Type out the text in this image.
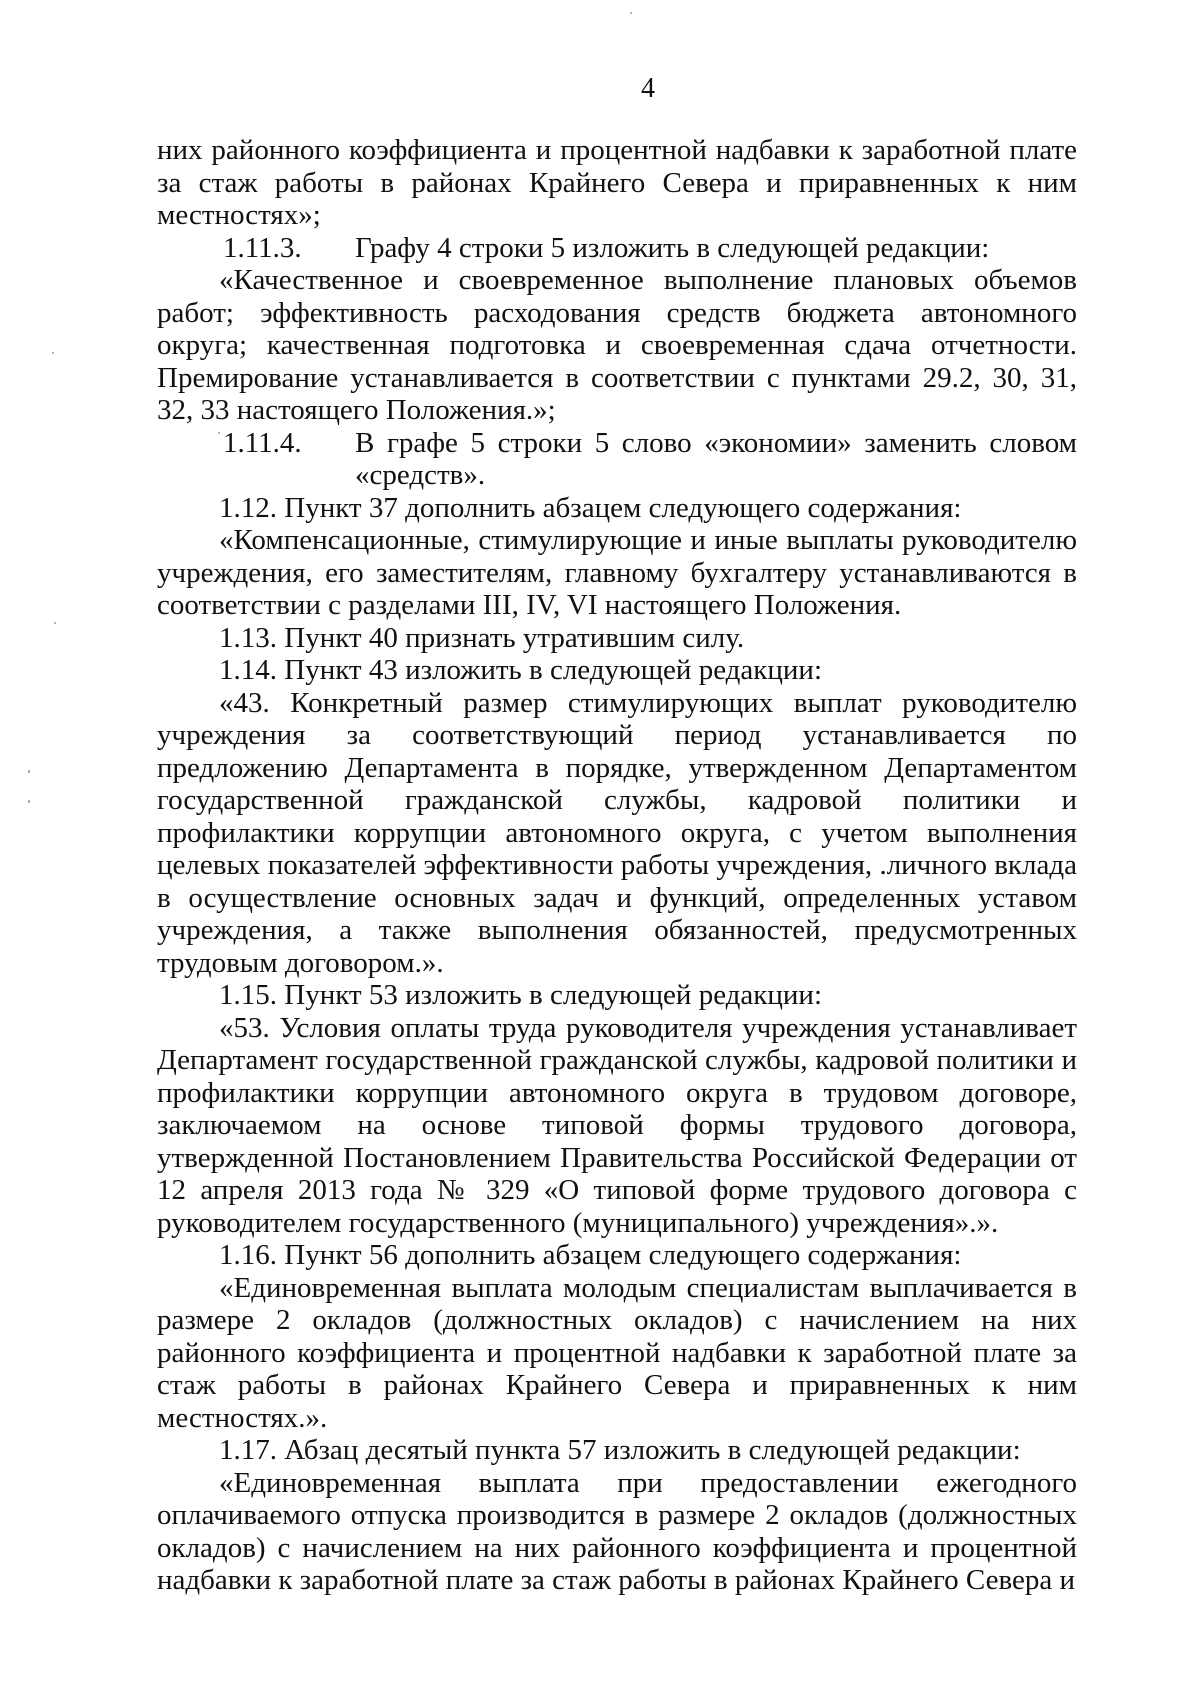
4

них районного коэффициента и процентной надбавки к заработной плате за стаж работы в районах Крайнего Севера и приравненных к ним местностях»;

1.11.3.	Графу 4 строки 5 изложить в следующей редакции:

«Качественное и своевременное выполнение плановых объемов работ; эффективность расходования средств бюджета автономного округа; качественная подготовка и своевременная сдача отчетности. Премирование устанавливается в соответствии с пунктами 29.2, 30, 31, 32, 33 настоящего Положения.»;

1.11.4.	В графе 5 строки 5 слово «экономии» заменить словом «средств».

1.12. Пункт 37 дополнить абзацем следующего содержания:

«Компенсационные, стимулирующие и иные выплаты руководителю учреждения, его заместителям, главному бухгалтеру устанавливаются в соответствии с разделами III, IV, VI настоящего Положения.

1.13. Пункт 40 признать утратившим силу.

1.14. Пункт 43 изложить в следующей редакции:

«43. Конкретный размер стимулирующих выплат руководителю учреждения за соответствующий период устанавливается по предложению Департамента в порядке, утвержденном Департаментом государственной гражданской службы, кадровой политики и профилактики коррупции автономного округа, с учетом выполнения целевых показателей эффективности работы учреждения, .личного вклада в осуществление основных задач и функций, определенных уставом учреждения, а также выполнения обязанностей, предусмотренных трудовым договором.».

1.15. Пункт 53 изложить в следующей редакции:

«53. Условия оплаты труда руководителя учреждения устанавливает Департамент государственной гражданской службы, кадровой политики и профилактики коррупции автономного округа в трудовом договоре, заключаемом на основе типовой формы трудового договора, утвержденной Постановлением Правительства Российской Федерации от 12 апреля 2013 года № 329 «О типовой форме трудового договора с руководителем государственного (муниципального) учреждения».».

1.16. Пункт 56 дополнить абзацем следующего содержания:

«Единовременная выплата молодым специалистам выплачивается в размере 2 окладов (должностных окладов) с начислением на них районного коэффициента и процентной надбавки к заработной плате за стаж работы в районах Крайнего Севера и приравненных к ним местностях.».

1.17. Абзац десятый пункта 57 изложить в следующей редакции:

«Единовременная выплата при предоставлении ежегодного оплачиваемого отпуска производится в размере 2 окладов (должностных окладов) с начислением на них районного коэффициента и процентной надбавки к заработной плате за стаж работы в районах Крайнего Севера и
